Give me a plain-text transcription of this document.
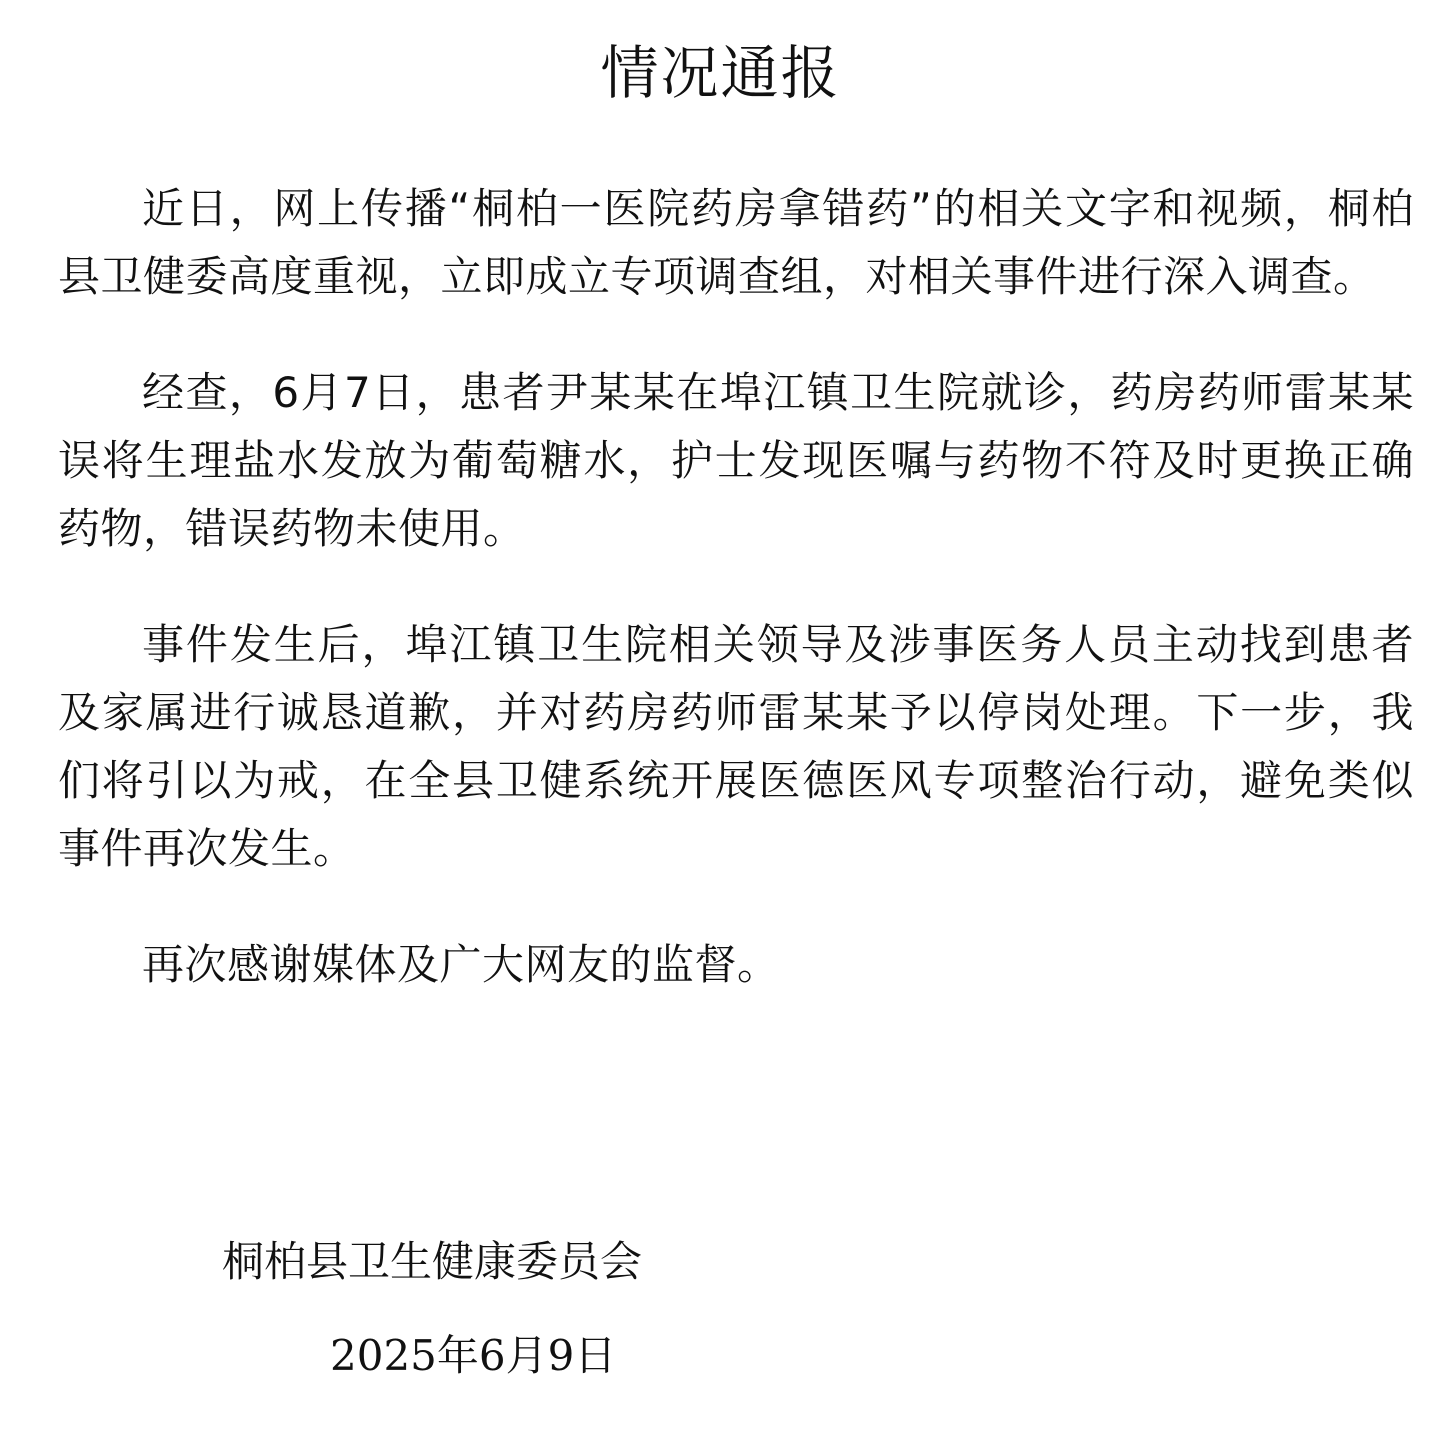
情况通报

近日，网上传播“桐柏一医院药房拿错药”的相关文字和视频，桐柏县卫健委高度重视，立即成立专项调查组，对相关事件进行深入调查。

经查，6月7日，患者尹某某在埠江镇卫生院就诊，药房药师雷某某误将生理盐水发放为葡萄糖水，护士发现医嘱与药物不符及时更换正确药物，错误药物未使用。

事件发生后，埠江镇卫生院相关领导及涉事医务人员主动找到患者及家属进行诚恳道歉，并对药房药师雷某某予以停岗处理。下一步，我们将引以为戒，在全县卫健系统开展医德医风专项整治行动，避免类似事件再次发生。

再次感谢媒体及广大网友的监督。

桐柏县卫生健康委员会

2025年6月9日
